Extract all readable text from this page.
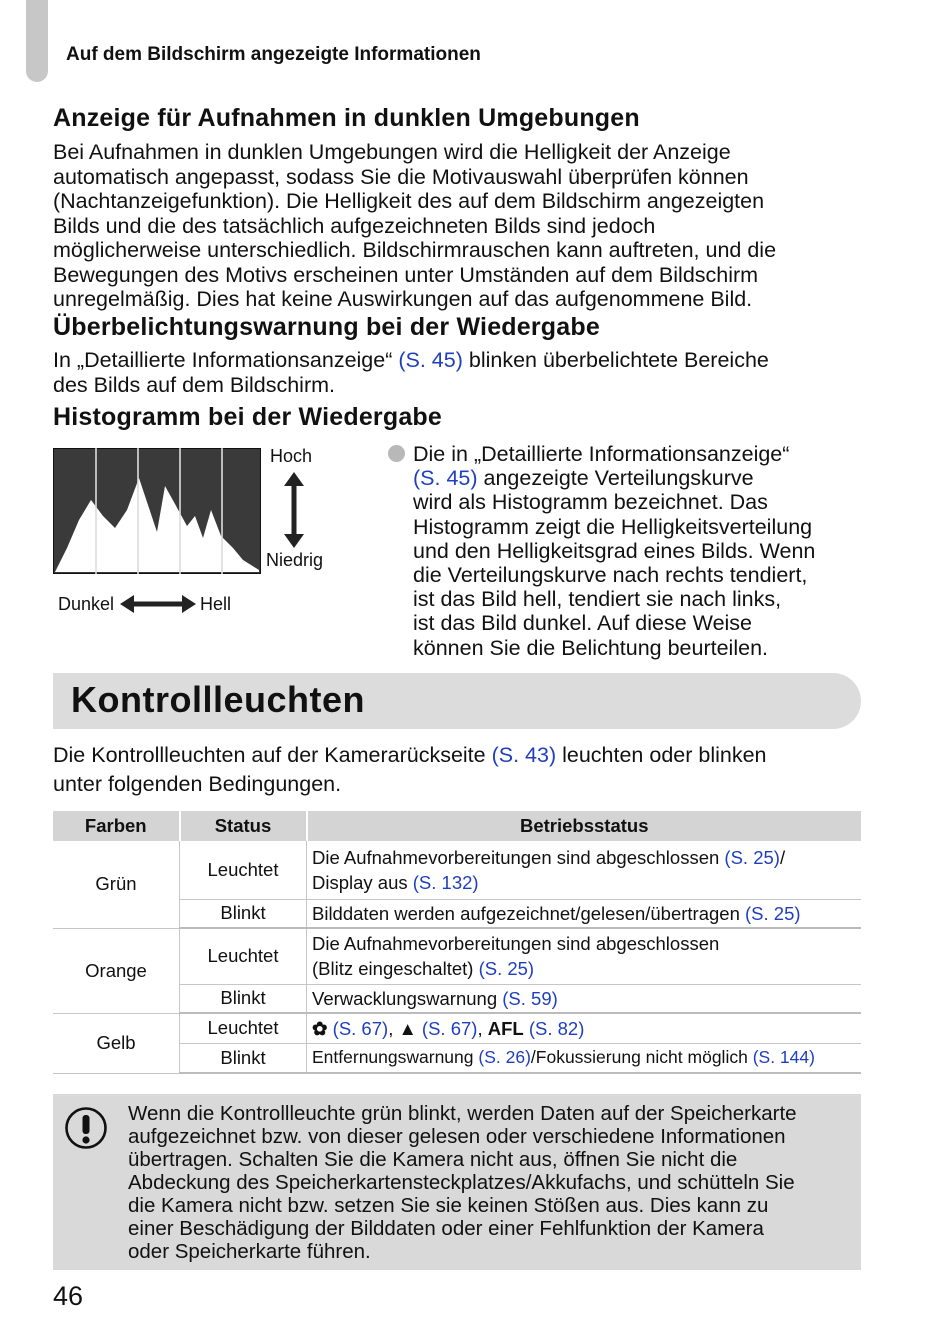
Auf dem Bildschirm angezeigte Informationen
Anzeige für Aufnahmen in dunklen Umgebungen
Bei Aufnahmen in dunklen Umgebungen wird die Helligkeit der Anzeige
automatisch angepasst, sodass Sie die Motivauswahl überprüfen können
(Nachtanzeigefunktion). Die Helligkeit des auf dem Bildschirm angezeigten
Bilds und die des tatsächlich aufgezeichneten Bilds sind jedoch
möglicherweise unterschiedlich. Bildschirmrauschen kann auftreten, und die
Bewegungen des Motivs erscheinen unter Umständen auf dem Bildschirm
unregelmäßig. Dies hat keine Auswirkungen auf das aufgenommene Bild.
Überbelichtungswarnung bei der Wiedergabe
In „Detaillierte Informationsanzeige“ (S. 45) blinken überbelichtete Bereiche
des Bilds auf dem Bildschirm.
Histogramm bei der Wiedergabe
Hoch
Niedrig
Dunkel	Hell
Die in „Detaillierte Informationsanzeige“
(S. 45) angezeigte Verteilungskurve
wird als Histogramm bezeichnet. Das
Histogramm zeigt die Helligkeitsverteilung
und den Helligkeitsgrad eines Bilds. Wenn
die Verteilungskurve nach rechts tendiert,
ist das Bild hell, tendiert sie nach links,
ist das Bild dunkel. Auf diese Weise
können Sie die Belichtung beurteilen.
Kontrollleuchten
Die Kontrollleuchten auf der Kamerarückseite (S. 43) leuchten oder blinken
unter folgenden Bedingungen.
Farben	Status	Betriebsstatus
Grün	Leuchtet	Die Aufnahmevorbereitungen sind abgeschlossen (S. 25)/
Display aus (S. 132)
	Blinkt	Bilddaten werden aufgezeichnet/gelesen/übertragen (S. 25)
Orange	Leuchtet	Die Aufnahmevorbereitungen sind abgeschlossen
(Blitz eingeschaltet) (S. 25)
	Blinkt	Verwacklungswarnung (S. 59)
Gelb	Leuchtet	✿ (S. 67), ▲ (S. 67), AFL (S. 82)
	Blinkt	Entfernungswarnung (S. 26)/Fokussierung nicht möglich (S. 144)
Wenn die Kontrollleuchte grün blinkt, werden Daten auf der Speicherkarte
aufgezeichnet bzw. von dieser gelesen oder verschiedene Informationen
übertragen. Schalten Sie die Kamera nicht aus, öffnen Sie nicht die
Abdeckung des Speicherkartensteckplatzes/Akkufachs, und schütteln Sie
die Kamera nicht bzw. setzen Sie sie keinen Stößen aus. Dies kann zu
einer Beschädigung der Bilddaten oder einer Fehlfunktion der Kamera
oder Speicherkarte führen.
46
